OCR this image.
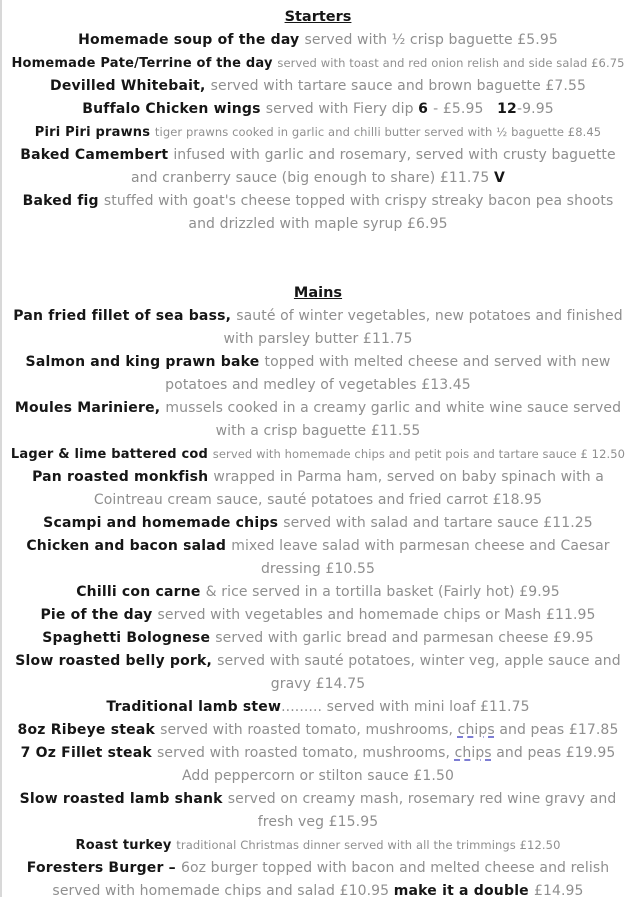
Starters

Homemade soup of the day served with ½ crisp baguette £5.95

Homemade Pate/Terrine of the day served with toast and red onion relish and side salad £6.75

Devilled Whitebait, served with tartare sauce and brown baguette £7.55

Buffalo Chicken wings served with Fiery dip 6 - £5.95   12-9.95

Piri Piri prawns tiger prawns cooked in garlic and chilli butter served with ½ baguette £8.45

Baked Camembert infused with garlic and rosemary, served with crusty baguette and cranberry sauce (big enough to share) £11.75 V

Baked fig stuffed with goat's cheese topped with crispy streaky bacon pea shoots and drizzled with maple syrup £6.95

Mains

Pan fried fillet of sea bass, sauté of winter vegetables, new potatoes and finished with parsley butter £11.75

Salmon and king prawn bake topped with melted cheese and served with new potatoes and medley of vegetables £13.45

Moules Mariniere, mussels cooked in a creamy garlic and white wine sauce served with a crisp baguette £11.55

Lager & lime battered cod served with homemade chips and petit pois and tartare sauce £ 12.50

Pan roasted monkfish wrapped in Parma ham, served on baby spinach with a Cointreau cream sauce, sauté potatoes and fried carrot £18.95

Scampi and homemade chips served with salad and tartare sauce £11.25

Chicken and bacon salad mixed leave salad with parmesan cheese and Caesar dressing £10.55

Chilli con carne & rice served in a tortilla basket (Fairly hot) £9.95

Pie of the day served with vegetables and homemade chips or Mash £11.95

Spaghetti Bolognese served with garlic bread and parmesan cheese £9.95

Slow roasted belly pork, served with sauté potatoes, winter veg, apple sauce and gravy £14.75

Traditional lamb stew......... served with mini loaf £11.75

8oz Ribeye steak served with roasted tomato, mushrooms, chips and peas £17.85

7 Oz Fillet steak served with roasted tomato, mushrooms, chips and peas £19.95

Add peppercorn or stilton sauce £1.50

Slow roasted lamb shank served on creamy mash, rosemary red wine gravy and fresh veg £15.95

Roast turkey traditional Christmas dinner served with all the trimmings £12.50

Foresters Burger – 6oz burger topped with bacon and melted cheese and relish served with homemade chips and salad £10.95 make it a double £14.95
